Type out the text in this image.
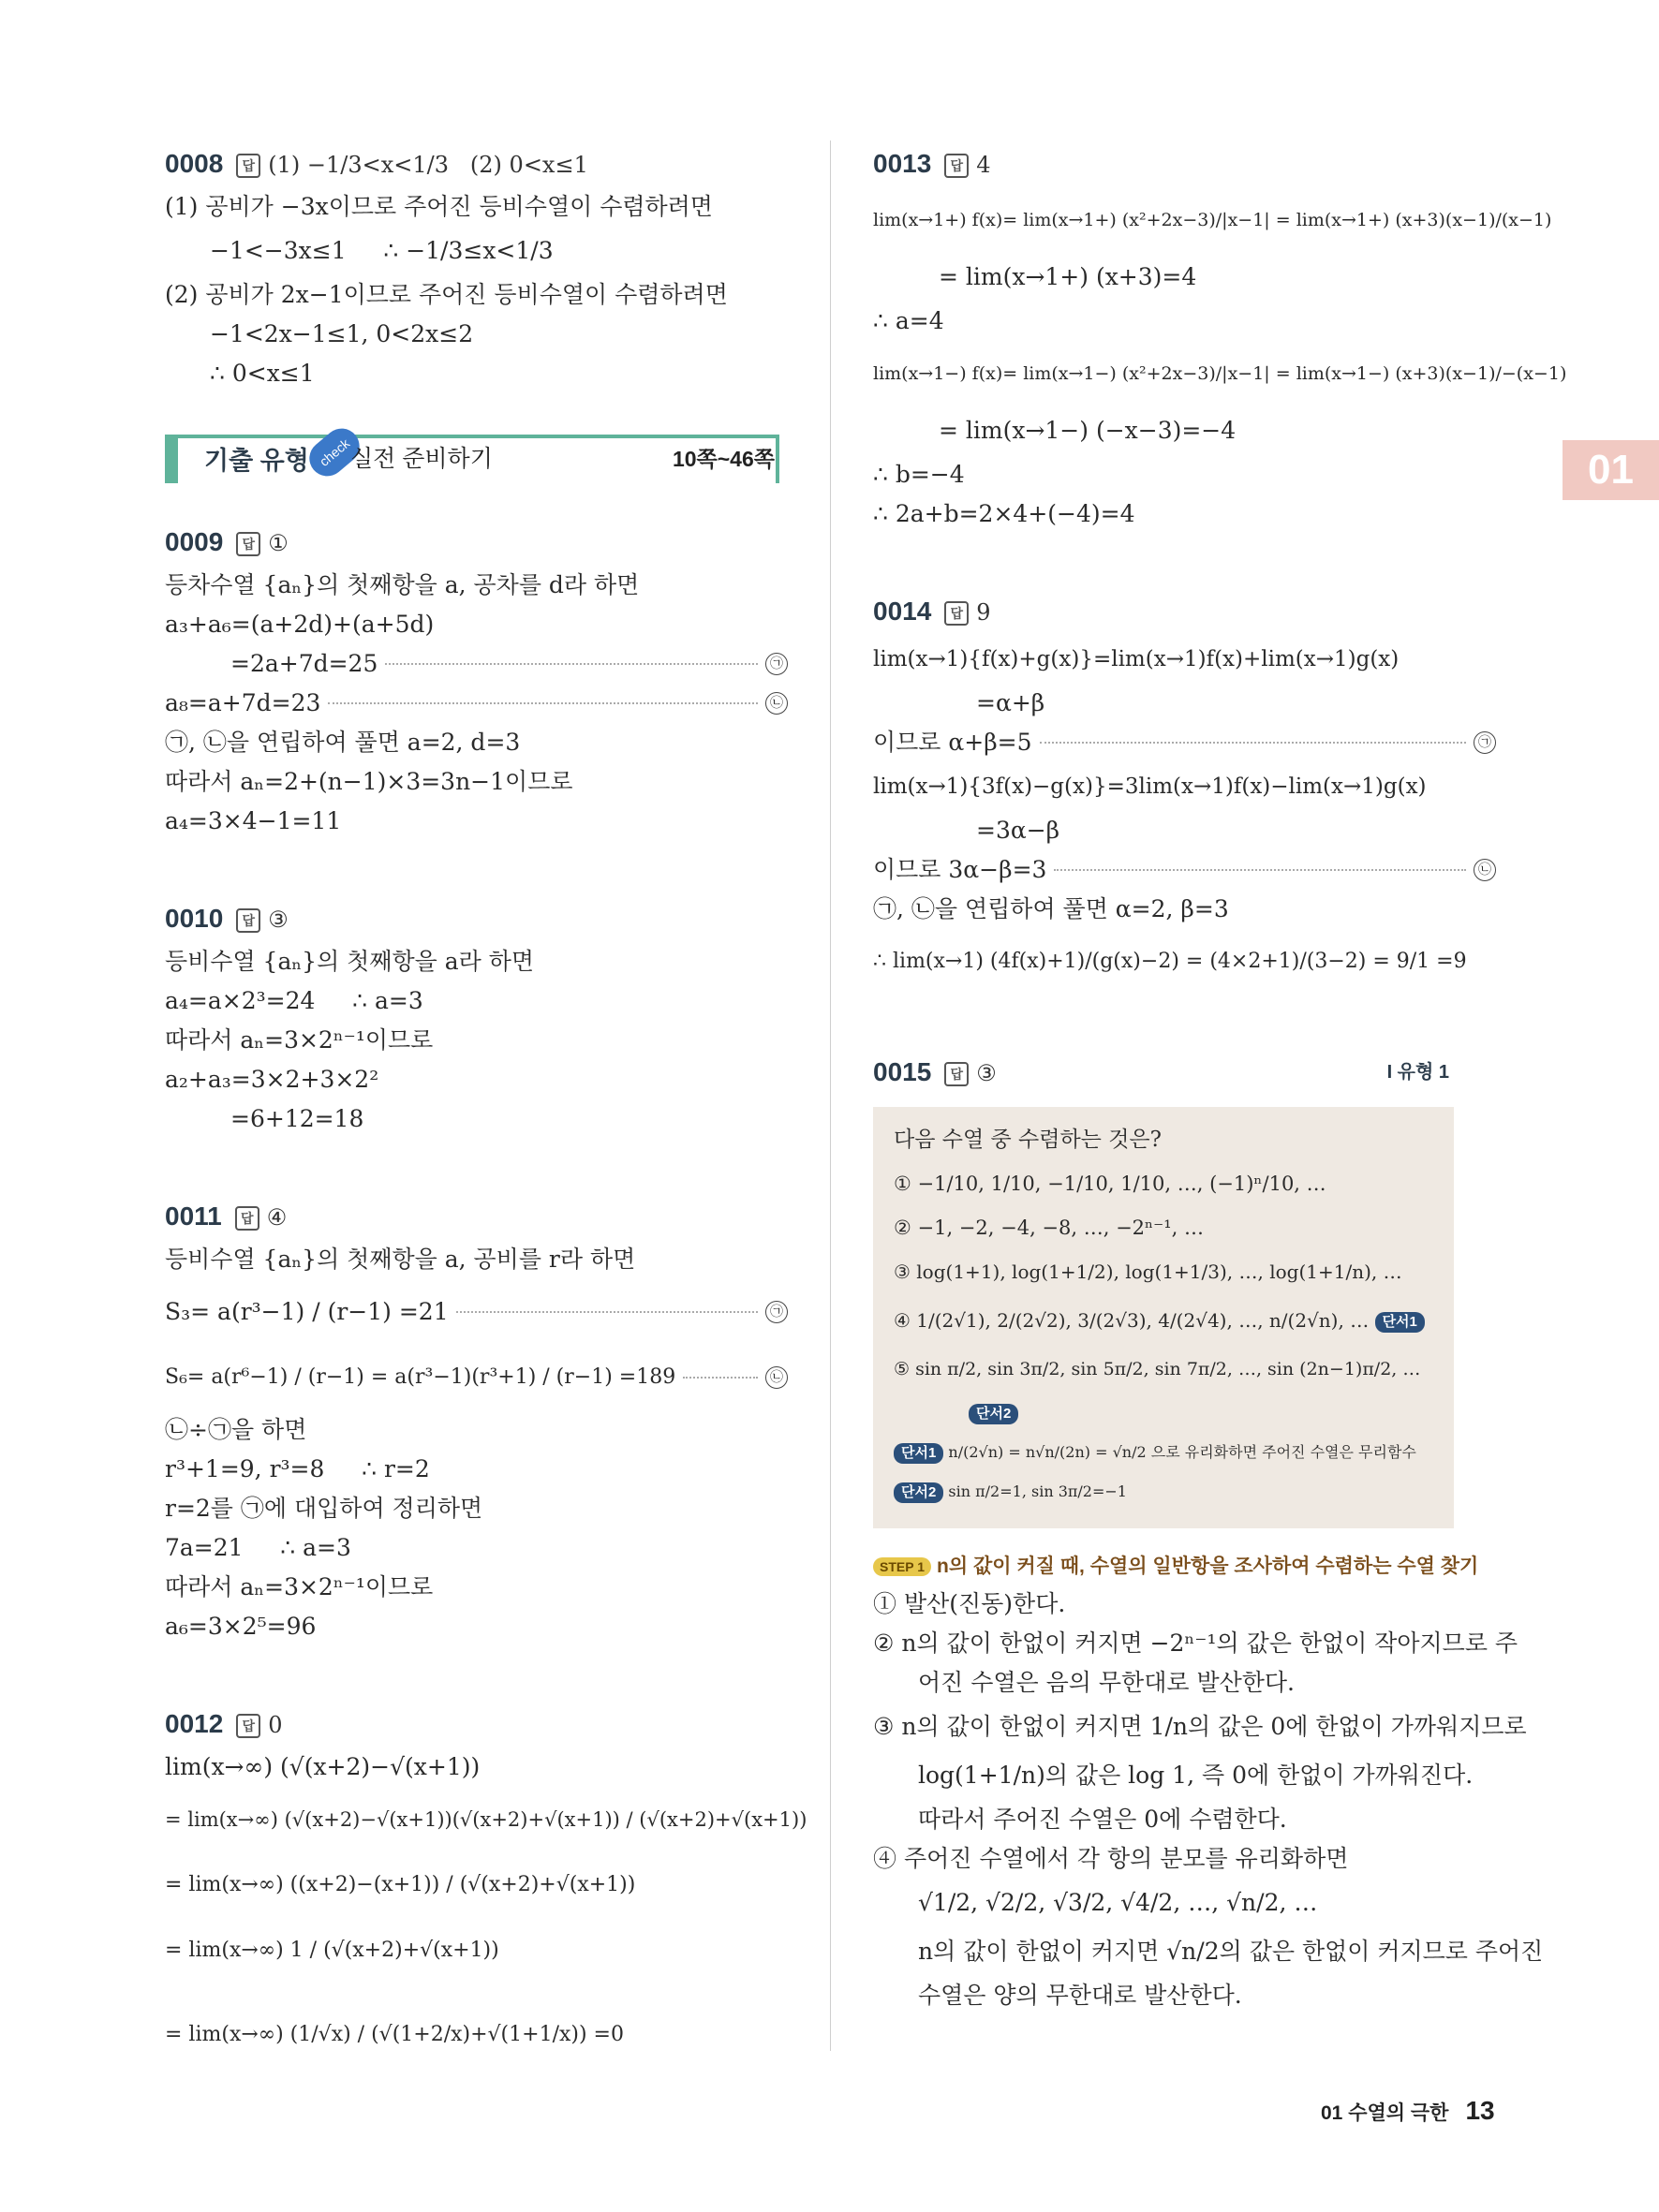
01
0008 답 (1) −1/3<x<1/3   (2) 0<x≤1
(1) 공비가 −3x이므로 주어진 등비수열이 수렴하려면
−1<−3x≤1     ∴ −1/3≤x<1/3
(2) 공비가 2x−1이므로 주어진 등비수열이 수렴하려면
−1<2x−1≤1, 0<2x≤2
∴ 0<x≤1
기출 유형 check
실전 준비하기	10쪽~46쪽
0009 답 ①
등차수열 {aₙ}의 첫째항을 a, 공차를 d라 하면
a₃+a₆=(a+2d)+(a+5d)
=2a+7d=25	㉠
a₈=a+7d=23	㉡
㉠, ㉡을 연립하여 풀면 a=2, d=3
따라서 aₙ=2+(n−1)×3=3n−1이므로
a₄=3×4−1=11
0010 답 ③
등비수열 {aₙ}의 첫째항을 a라 하면
a₄=a×2³=24     ∴ a=3
따라서 aₙ=3×2ⁿ⁻¹이므로
a₂+a₃=3×2+3×2²
=6+12=18
0011 답 ④
등비수열 {aₙ}의 첫째항을 a, 공비를 r라 하면
S₃= a(r³−1) / (r−1) =21	㉠
S₆= a(r⁶−1) / (r−1) = a(r³−1)(r³+1) / (r−1) =189	㉡
㉡÷㉠을 하면
r³+1=9, r³=8     ∴ r=2
r=2를 ㉠에 대입하여 정리하면
7a=21     ∴ a=3
따라서 aₙ=3×2ⁿ⁻¹이므로
a₆=3×2⁵=96
0012 답 0
lim(x→∞) (√(x+2)−√(x+1))
= lim(x→∞) (√(x+2)−√(x+1))(√(x+2)+√(x+1)) / (√(x+2)+√(x+1))
= lim(x→∞) ((x+2)−(x+1)) / (√(x+2)+√(x+1))
= lim(x→∞) 1 / (√(x+2)+√(x+1))
= lim(x→∞) (1/√x) / (√(1+2/x)+√(1+1/x)) =0
0013 답 4
lim(x→1+) f(x)= lim(x→1+) (x²+2x−3)/|x−1| = lim(x→1+) (x+3)(x−1)/(x−1)
= lim(x→1+) (x+3)=4
∴ a=4
lim(x→1−) f(x)= lim(x→1−) (x²+2x−3)/|x−1| = lim(x→1−) (x+3)(x−1)/−(x−1)
= lim(x→1−) (−x−3)=−4
∴ b=−4
∴ 2a+b=2×4+(−4)=4
0014 답 9
lim(x→1){f(x)+g(x)}=lim(x→1)f(x)+lim(x→1)g(x)
=α+β
이므로 α+β=5	㉠
lim(x→1){3f(x)−g(x)}=3lim(x→1)f(x)−lim(x→1)g(x)
=3α−β
이므로 3α−β=3	㉡
㉠, ㉡을 연립하여 풀면 α=2, β=3
∴ lim(x→1) (4f(x)+1)/(g(x)−2) = (4×2+1)/(3−2) = 9/1 =9
0015 답 ③	I 유형 1
다음 수열 중 수렴하는 것은?
① −1/10, 1/10, −1/10, 1/10, …, (−1)ⁿ/10, …
② −1, −2, −4, −8, …, −2ⁿ⁻¹, …
③ log(1+1), log(1+1/2), log(1+1/3), …, log(1+1/n), …
④ 1/(2√1), 2/(2√2), 3/(2√3), 4/(2√4), …, n/(2√n), … 단서1
⑤ sin π/2, sin 3π/2, sin 5π/2, sin 7π/2, …, sin (2n−1)π/2, …
단서2
단서1 n/(2√n) = n√n/(2n) = √n/2 으로 유리화하면 주어진 수열은 무리함수
단서2 sin π/2=1, sin 3π/2=−1
STEP 1 n의 값이 커질 때, 수열의 일반항을 조사하여 수렴하는 수열 찾기
① 발산(진동)한다.
② n의 값이 한없이 커지면 −2ⁿ⁻¹의 값은 한없이 작아지므로 주
어진 수열은 음의 무한대로 발산한다.
③ n의 값이 한없이 커지면 1/n의 값은 0에 한없이 가까워지므로
log(1+1/n)의 값은 log 1, 즉 0에 한없이 가까워진다.
따라서 주어진 수열은 0에 수렴한다.
④ 주어진 수열에서 각 항의 분모를 유리화하면
√1/2, √2/2, √3/2, √4/2, …, √n/2, …
n의 값이 한없이 커지면 √n/2의 값은 한없이 커지므로 주어진
수열은 양의 무한대로 발산한다.
01 수열의 극한 13
